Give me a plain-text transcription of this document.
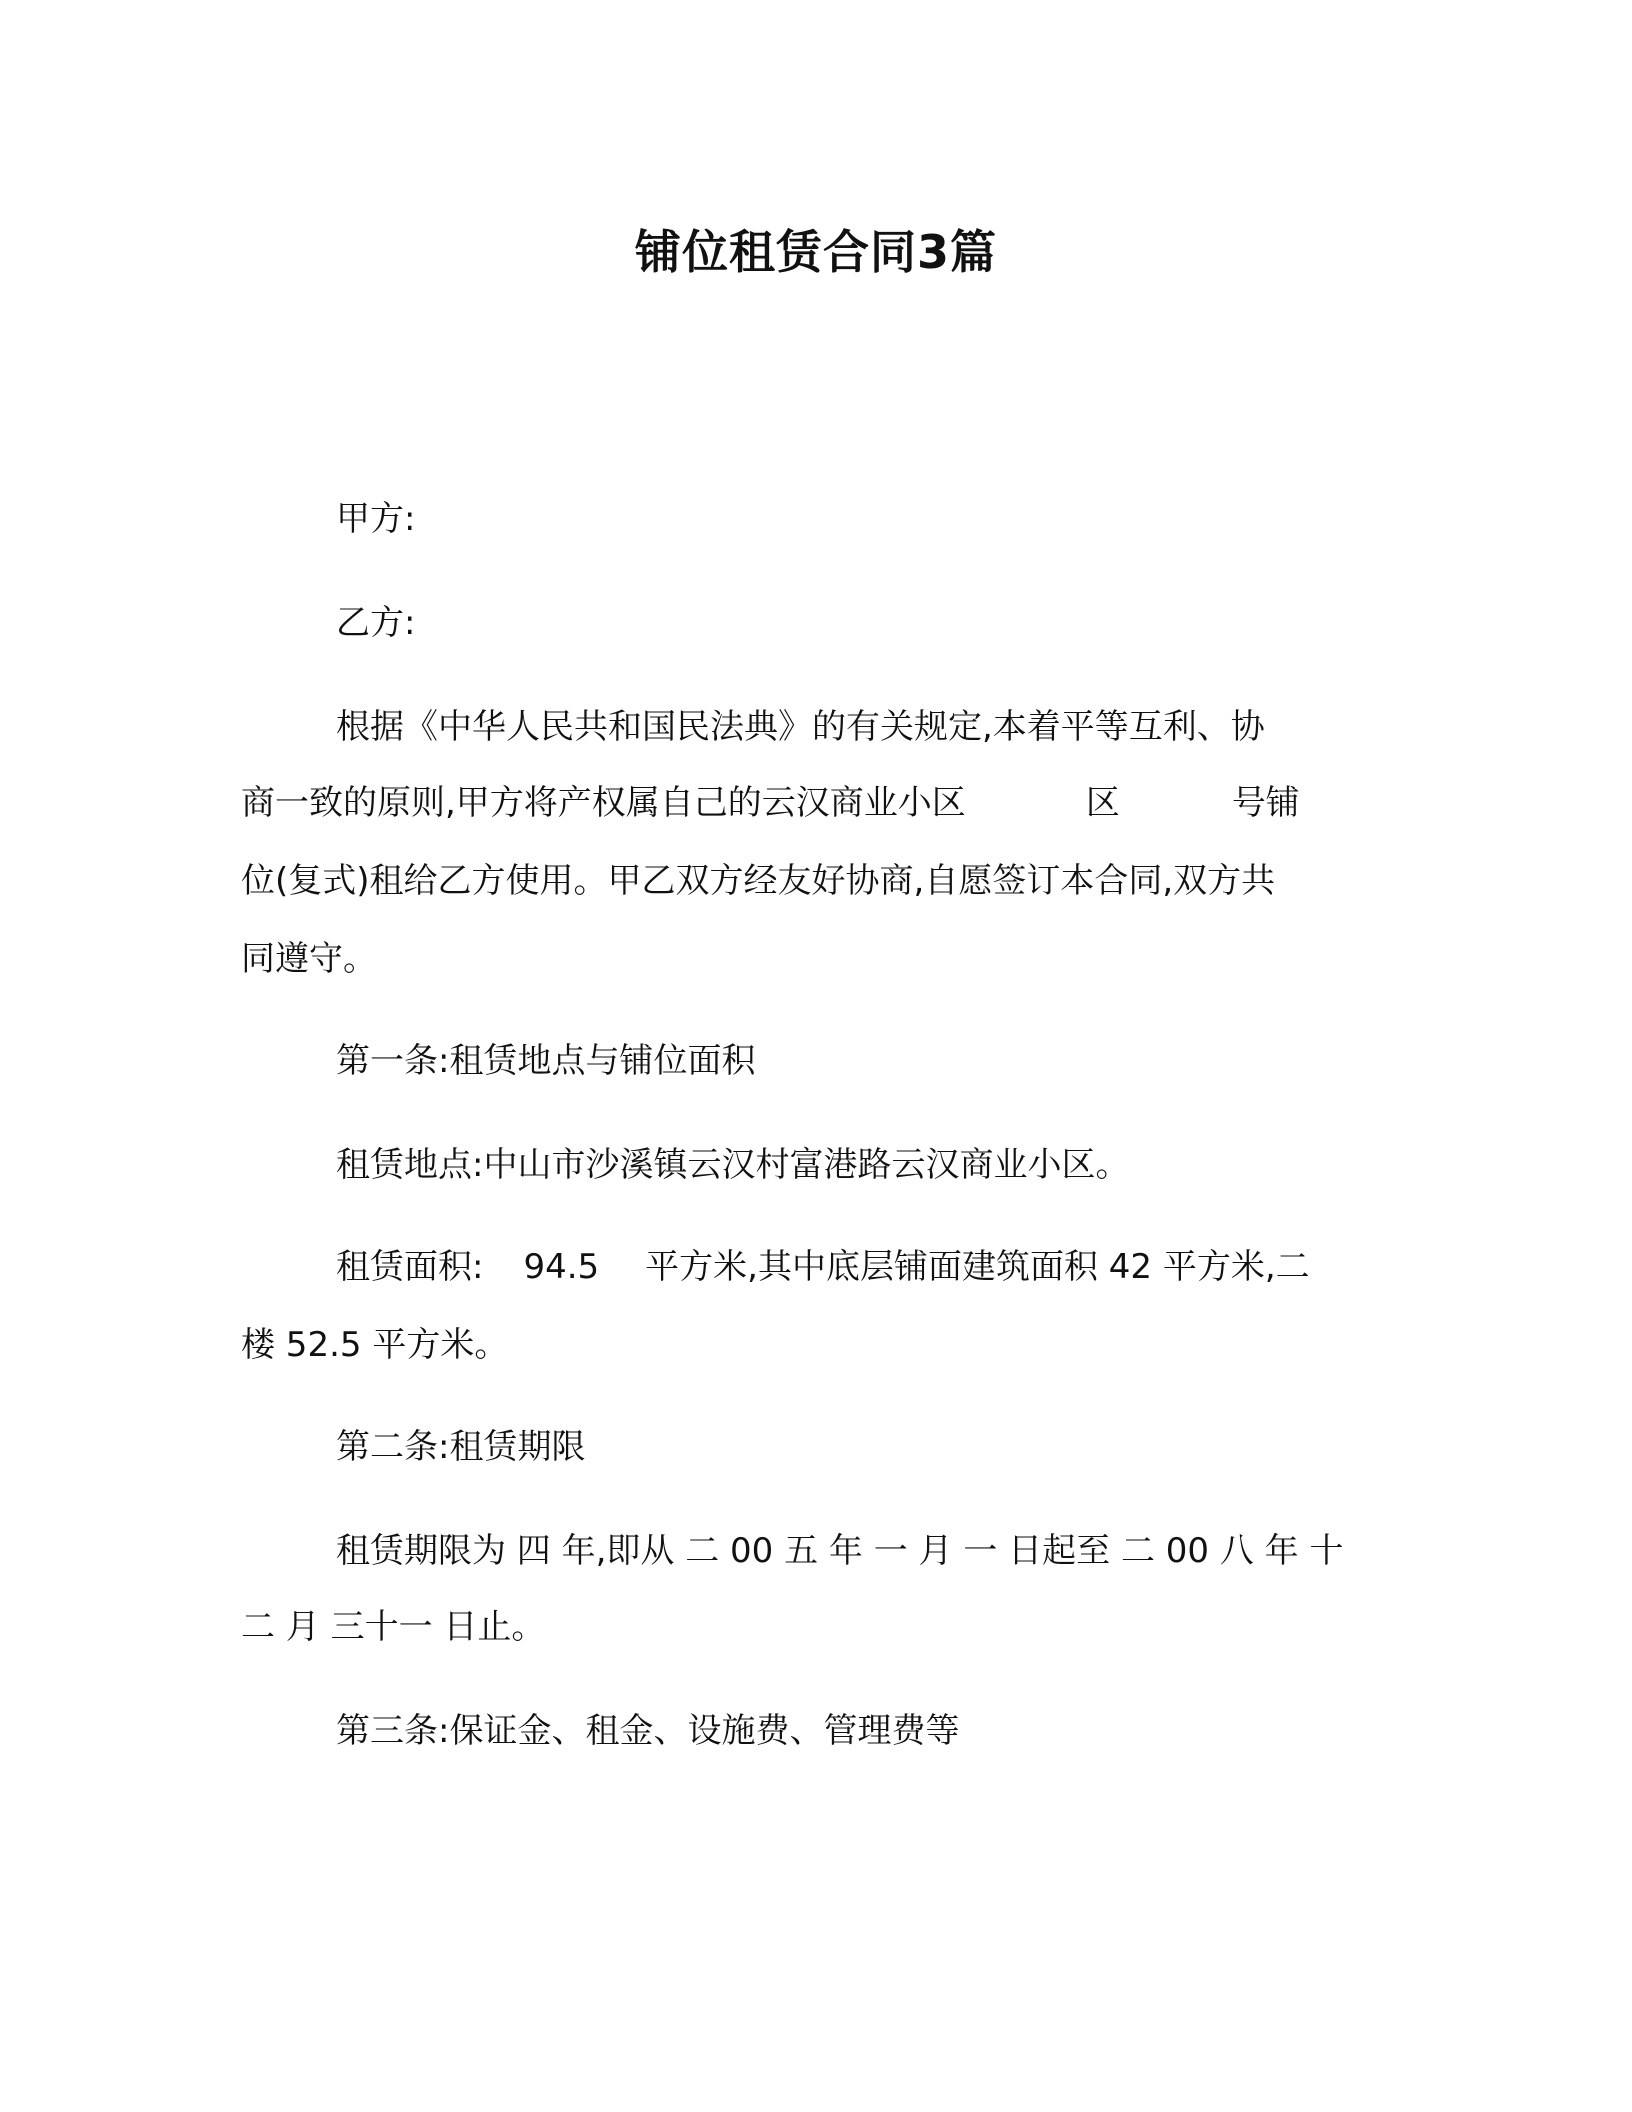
铺位租赁合同3篇
甲方:
乙方:
根据《中华人民共和国民法典》的有关规定,本着平等互利、协
商一致的原则,甲方将产权属自己的云汉商业小区	区	号铺
位(复式)租给乙方使用。甲乙双方经友好协商,自愿签订本合同,双方共
同遵守。
第一条:租赁地点与铺位面积
租赁地点:中山市沙溪镇云汉村富港路云汉商业小区。
租赁面积: 94.5 平方米,其中底层铺面建筑面积 42 平方米,二
楼 52.5 平方米。
第二条:租赁期限
租赁期限为 四 年,即从 二 00 五 年 一 月 一 日起至 二 00 八 年 十
二 月 三十一 日止。
第三条:保证金、租金、设施费、管理费等
